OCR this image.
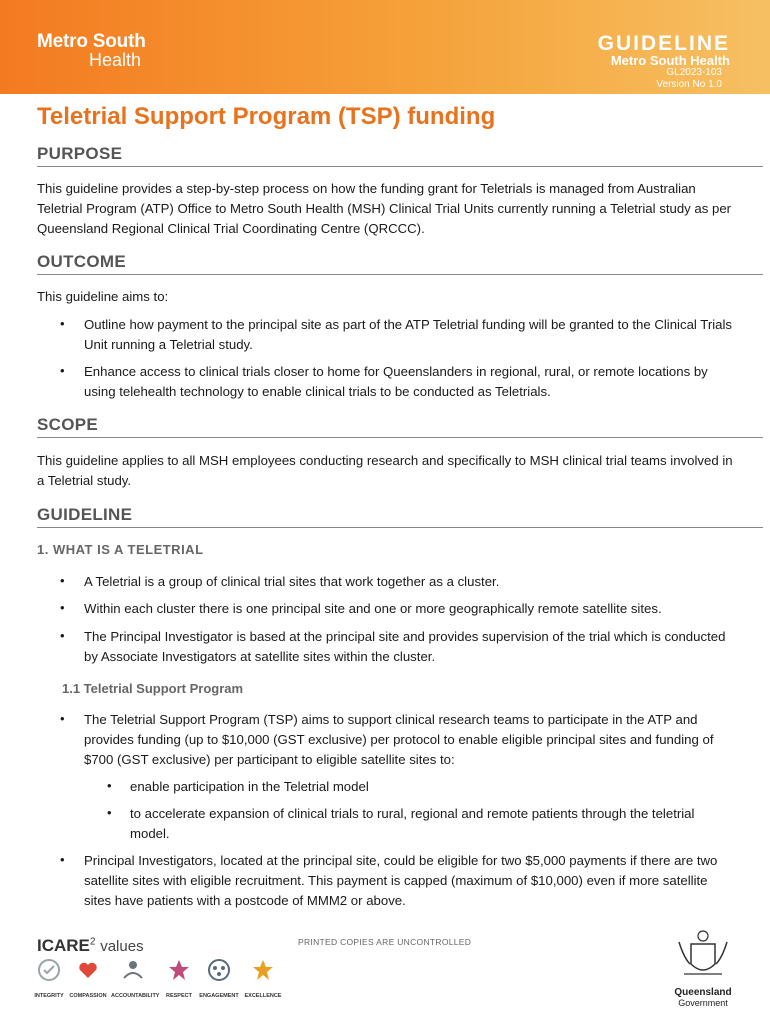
Metro South
Health
GUIDELINE
Metro South Health
GL2023-103
Version No 1.0
Teletrial Support Program (TSP) funding
PURPOSE

This guideline provides a step-by-step process on how the funding grant for Teletrials is managed from Australian Teletrial Program (ATP) Office to Metro South Health (MSH) Clinical Trial Units currently running a Teletrial study as per Queensland Regional Clinical Trial Coordinating Centre (QRCCC).

OUTCOME

This guideline aims to:

• Outline how payment to the principal site as part of the ATP Teletrial funding will be granted to the Clinical Trials Unit running a Teletrial study.

• Enhance access to clinical trials closer to home for Queenslanders in regional, rural, or remote locations by using telehealth technology to enable clinical trials to be conducted as Teletrials.

SCOPE

This guideline applies to all MSH employees conducting research and specifically to MSH clinical trial teams involved in a Teletrial study.

GUIDELINE
1. WHAT IS A TELETRIAL
• A Teletrial is a group of clinical trial sites that work together as a cluster.

• Within each cluster there is one principal site and one or more geographically remote satellite sites.

• The Principal Investigator is based at the principal site and provides supervision of the trial which is conducted by Associate Investigators at satellite sites within the cluster.

1.1 Teletrial Support Program
• The Teletrial Support Program (TSP) aims to support clinical research teams to participate in the ATP and provides funding (up to $10,000 (GST exclusive) per protocol to enable eligible principal sites and funding of $700 (GST exclusive) per participant to eligible satellite sites to:

• enable participation in the Teletrial model

• to accelerate expansion of clinical trials to rural, regional and remote patients through the teletrial model.

• Principal Investigators, located at the principal site, could be eligible for two $5,000 payments if there are two satellite sites with eligible recruitment. This payment is capped (maximum of $10,000) even if more satellite sites have patients with a postcode of MMM2 or above.

PRINTED COPIES ARE UNCONTROLLED
ICARE$^2$ values
INTEGRITY	COMPASSION ACCOUNTABILITY	RESPECT	ENGAGEMENT	EXCELLENCE	Queensland
Government
